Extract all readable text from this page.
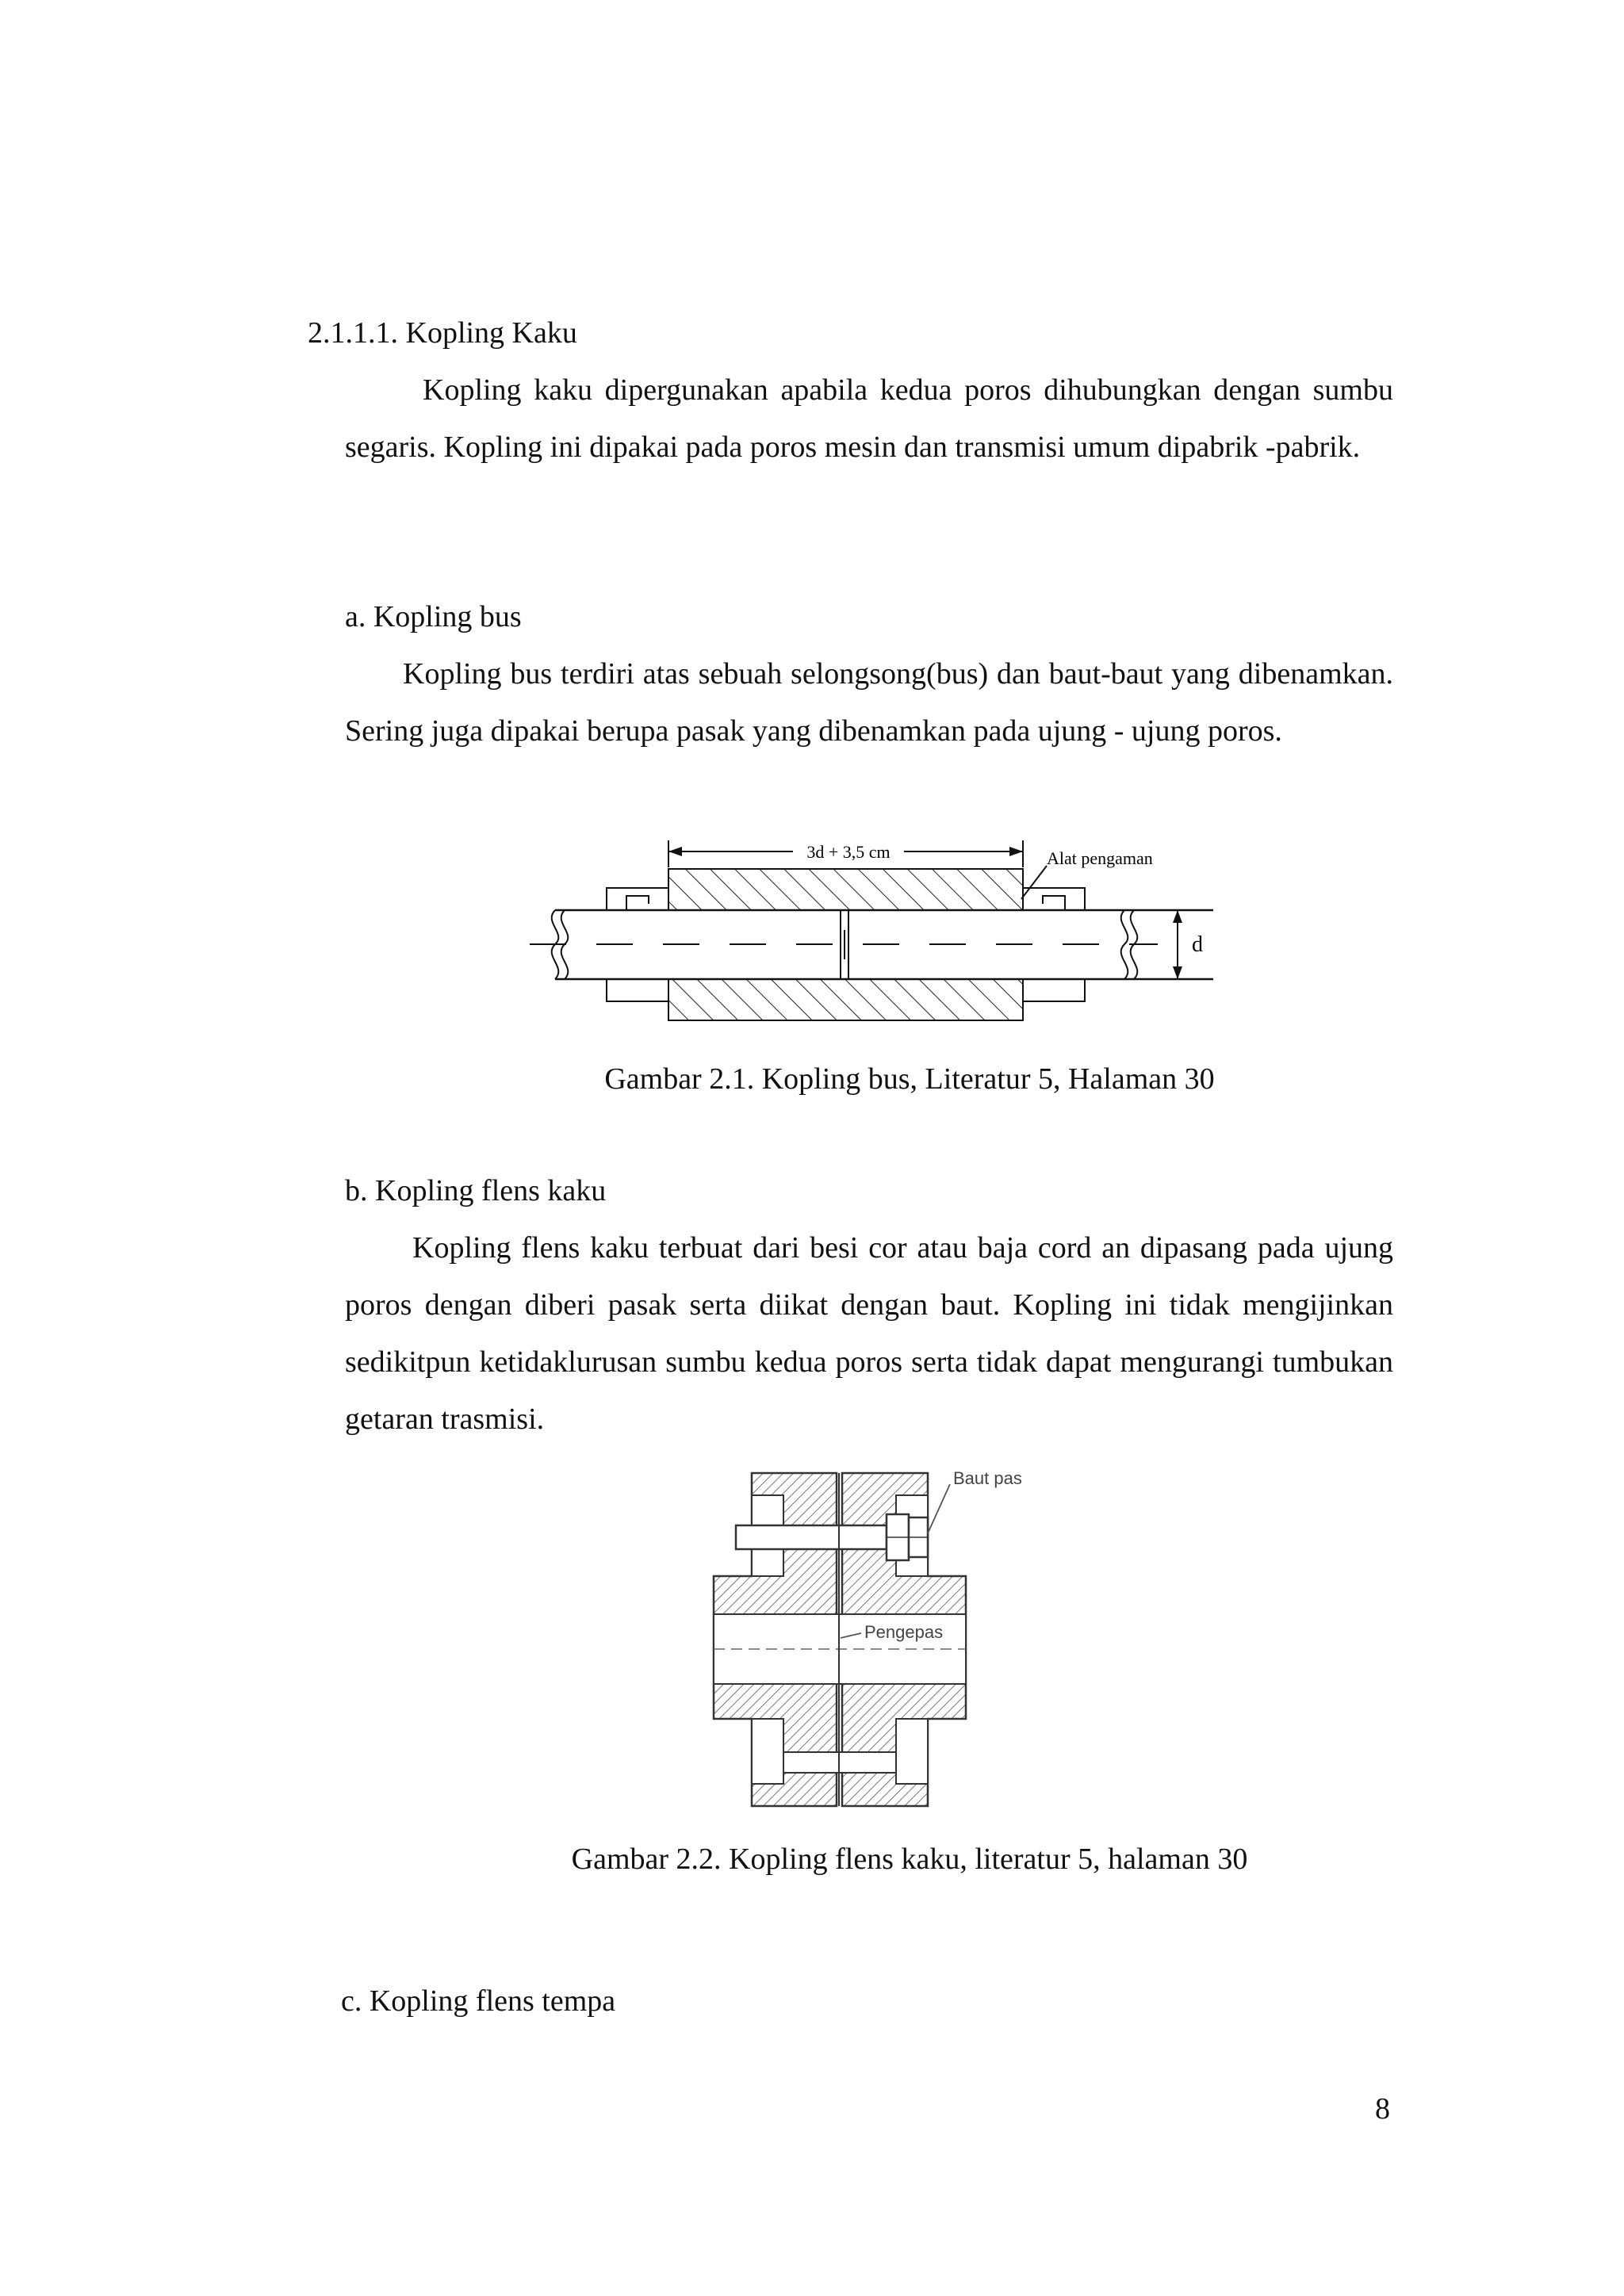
2.1.1.1. Kopling Kaku
Kopling kaku dipergunakan apabila kedua poros dihubungkan dengan sumbu segaris. Kopling ini dipakai pada poros mesin dan transmisi umum dipabrik -pabrik.
a. Kopling bus
Kopling bus terdiri atas sebuah selongsong(bus) dan baut-baut yang dibenamkan. Sering juga dipakai berupa pasak yang dibenamkan pada ujung - ujung poros.
3d + 3,5 cm	Alat pengaman
d
Gambar 2.1. Kopling bus, Literatur 5, Halaman 30
b. Kopling flens kaku
Kopling flens kaku terbuat dari besi cor atau baja cord an dipasang pada ujung poros dengan diberi pasak serta diikat dengan baut. Kopling ini tidak mengijinkan sedikitpun ketidaklurusan sumbu kedua poros serta tidak dapat mengurangi tumbukan getaran trasmisi.
Baut pas
Pengepas
Gambar 2.2. Kopling flens kaku, literatur 5, halaman 30
c. Kopling flens tempa
8
